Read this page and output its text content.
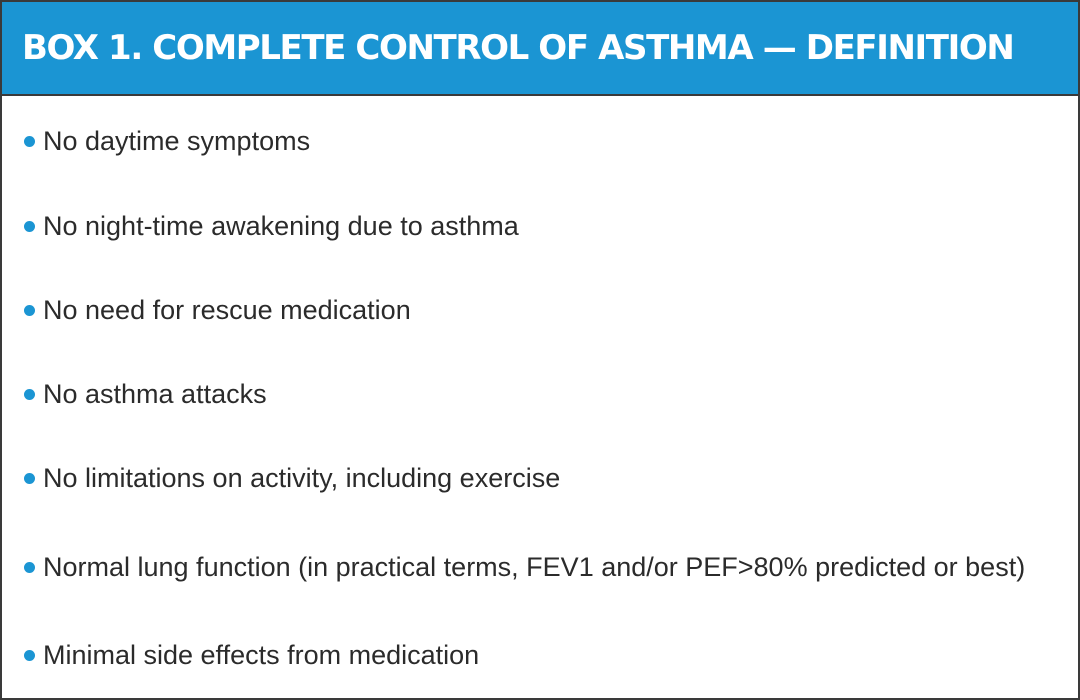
BOX 1. COMPLETE CONTROL OF ASTHMA — DEFINITION
No daytime symptoms
No night-time awakening due to asthma
No need for rescue medication
No asthma attacks
No limitations on activity, including exercise
Normal lung function (in practical terms, FEV1 and/or PEF>80% predicted or best)
Minimal side effects from medication
